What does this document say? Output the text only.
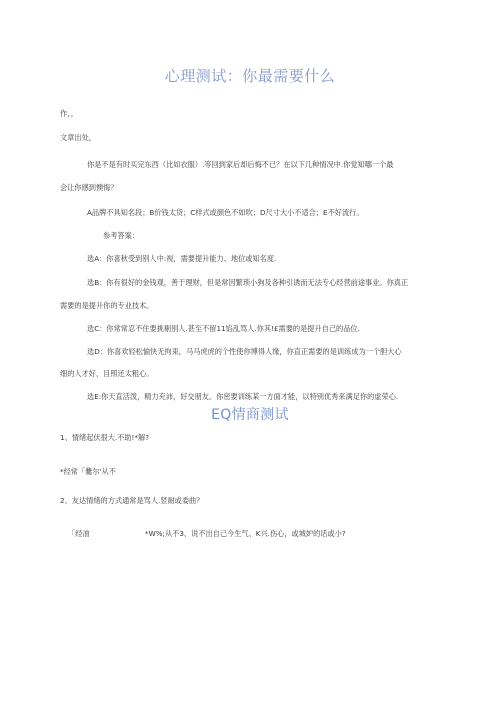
心理测试：你最需要什么
作，，
文章出处，
你是不是有时买完东西（比如衣服）.等回到家后却后悔不已？在以下几种情况中.你觉知哪一个最
会让你感到懊悔？
A品牌不具知名段；B价钱太货；C样式或颜色不如吹；D尺寸大小不适合；E不好流行。
参考答案：
选A：你喜秋受到别人中:视，需要提升能力、地位或知名度.
选B：你有很好的金钱观，善于理财，但是常因繁琐小狗及各种引诱而无法专心经营前途事业。你真正
需要的是提升你的专业技术。
选C：你常常忍不住要挑剔别人.甚至不留11馅乱骂人.你其!£需要的是提升自己的品位.
选D：你喜欢轻松愉快无拘束，马马虎虎的个性使你博得人缘，你直正需要的是训练成为一个胆大心
细的人才好，目照还太粗心。
选E:你天直活泼，精力充沛，好交朋友。你密要训练某一方面才能，以特别优秀来满足你的虚荣心.
EQ情商测试
1、情绪起伏很大.不助!*解?
*经常「爨尔'从不
2、友达情绪的方式通常是骂人.竖耐或委曲？
「经油	*W%;从不3、说不出自己今生气、K兴.伤心，或城妒的话或小?
